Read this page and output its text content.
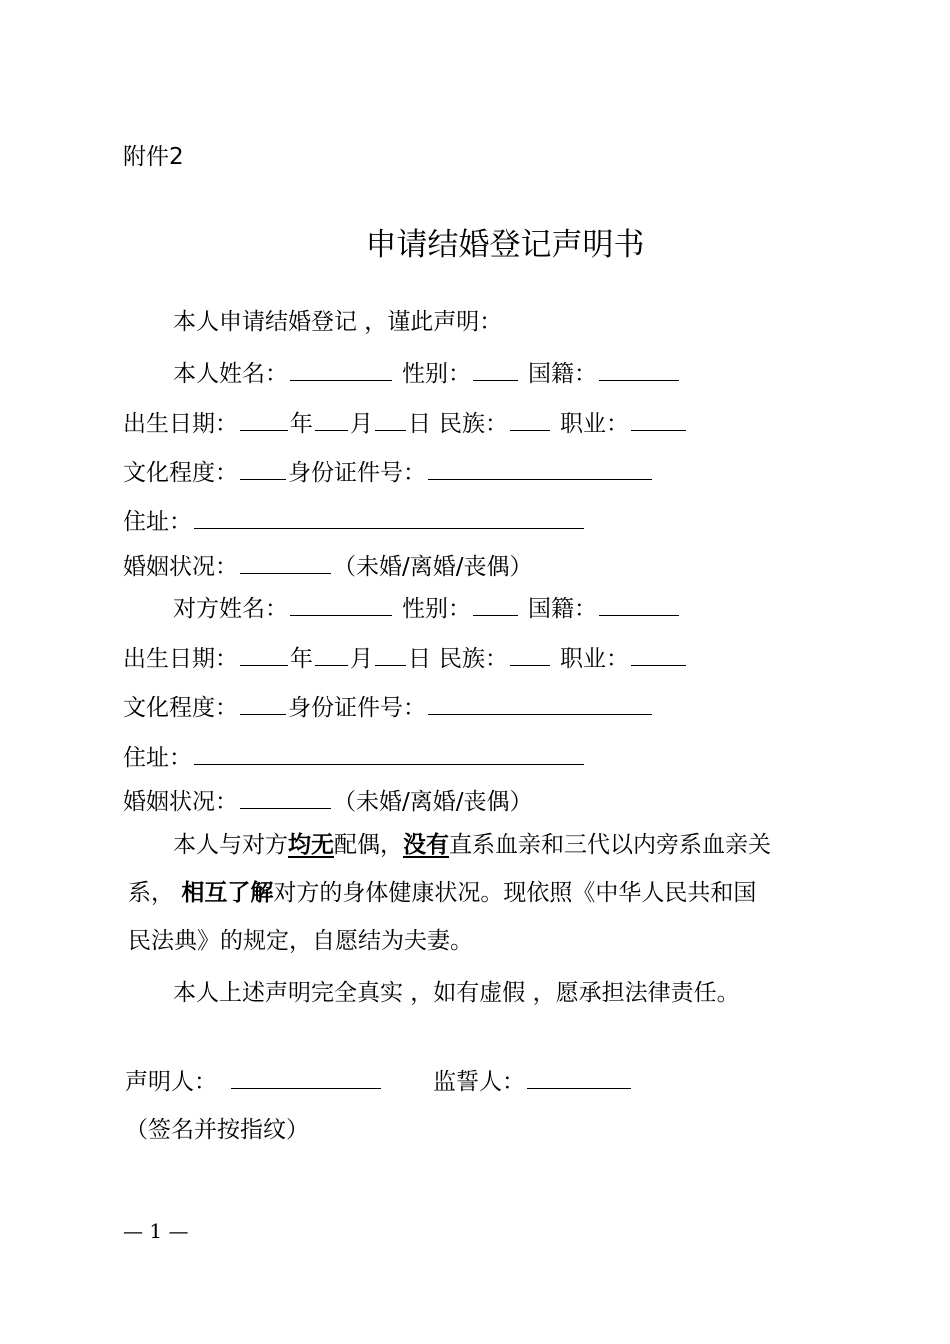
附件2
申请结婚登记声明书
本人申请结婚登记 ，谨此声明：
本人姓名：	性别： 国籍：
出生日期： 年 月 日 民族： 职业：
文化程度： 身份证件号：
住址：
婚姻状况：	（未婚/离婚/丧偶）
对方姓名：	性别： 国籍：
出生日期： 年 月 日 民族： 职业：
文化程度： 身份证件号：
住址：
婚姻状况：	（未婚/离婚/丧偶）
本人与对方均无配偶，没有直系血亲和三代以内旁系血亲关
系， 相互了解对方的身体健康状况。现依照《中华人民共和国
民法典》的规定，自愿结为夫妻。
本人上述声明完全真实 ，如有虚假 ，愿承担法律责任。
声明人：	监誓人：
（签名并按指纹）
— 1 —
